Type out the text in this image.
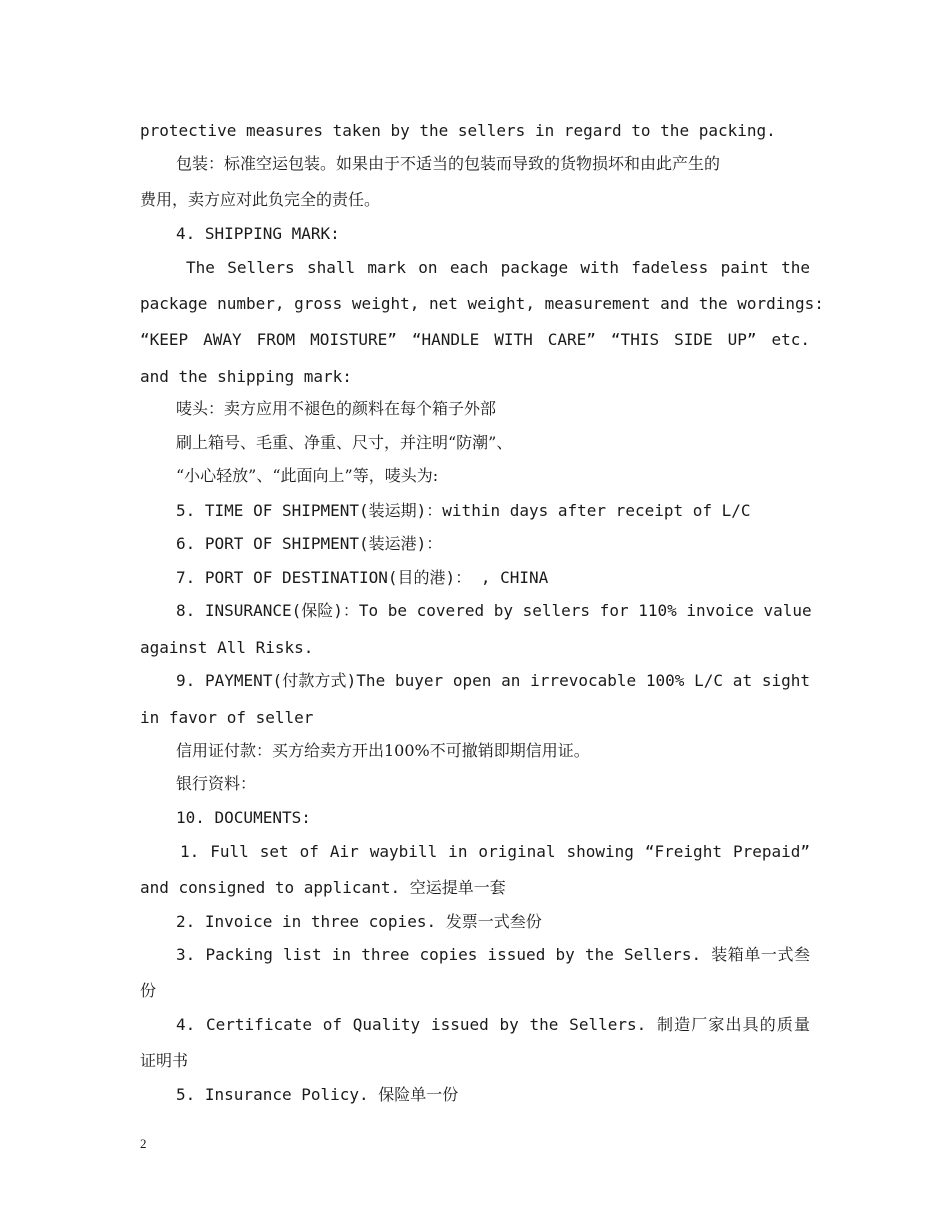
protective measures taken by the sellers in regard to the packing.
包装：标准空运包装。如果由于不适当的包装而导致的货物损坏和由此产生的
费用，卖方应对此负完全的责任。
4. SHIPPING MARK:
The Sellers shall mark on each package with fadeless paint the
package number, gross weight, net weight, measurement and the wordings:
“KEEP AWAY FROM MOISTURE” “HANDLE WITH CARE” “THIS SIDE UP” etc.
and the shipping mark:
唛头：卖方应用不褪色的颜料在每个箱子外部
刷上箱号、毛重、净重、尺寸，并注明“防潮”、
“小心轻放”、“此面向上”等，唛头为:
5. TIME OF SHIPMENT(装运期)：within days after receipt of L/C
6. PORT OF SHIPMENT(装运港)：
7. PORT OF DESTINATION(目的港)： , CHINA
8. INSURANCE(保险)：To be covered by sellers for 110% invoice value
against All Risks.
9. PAYMENT(付款方式)The buyer open an irrevocable 100% L/C at sight
in favor of seller
信用证付款：买方给卖方开出100%不可撤销即期信用证。
银行资料：
10. DOCUMENTS:
1. Full set of Air waybill in original showing “Freight Prepaid”
and consigned to applicant. 空运提单一套
2. Invoice in three copies. 发票一式叁份
3. Packing list in three copies issued by the Sellers. 装箱单一式叁
份
4. Certificate of Quality issued by the Sellers. 制造厂家出具的质量
证明书
5. Insurance Policy. 保险单一份
2
